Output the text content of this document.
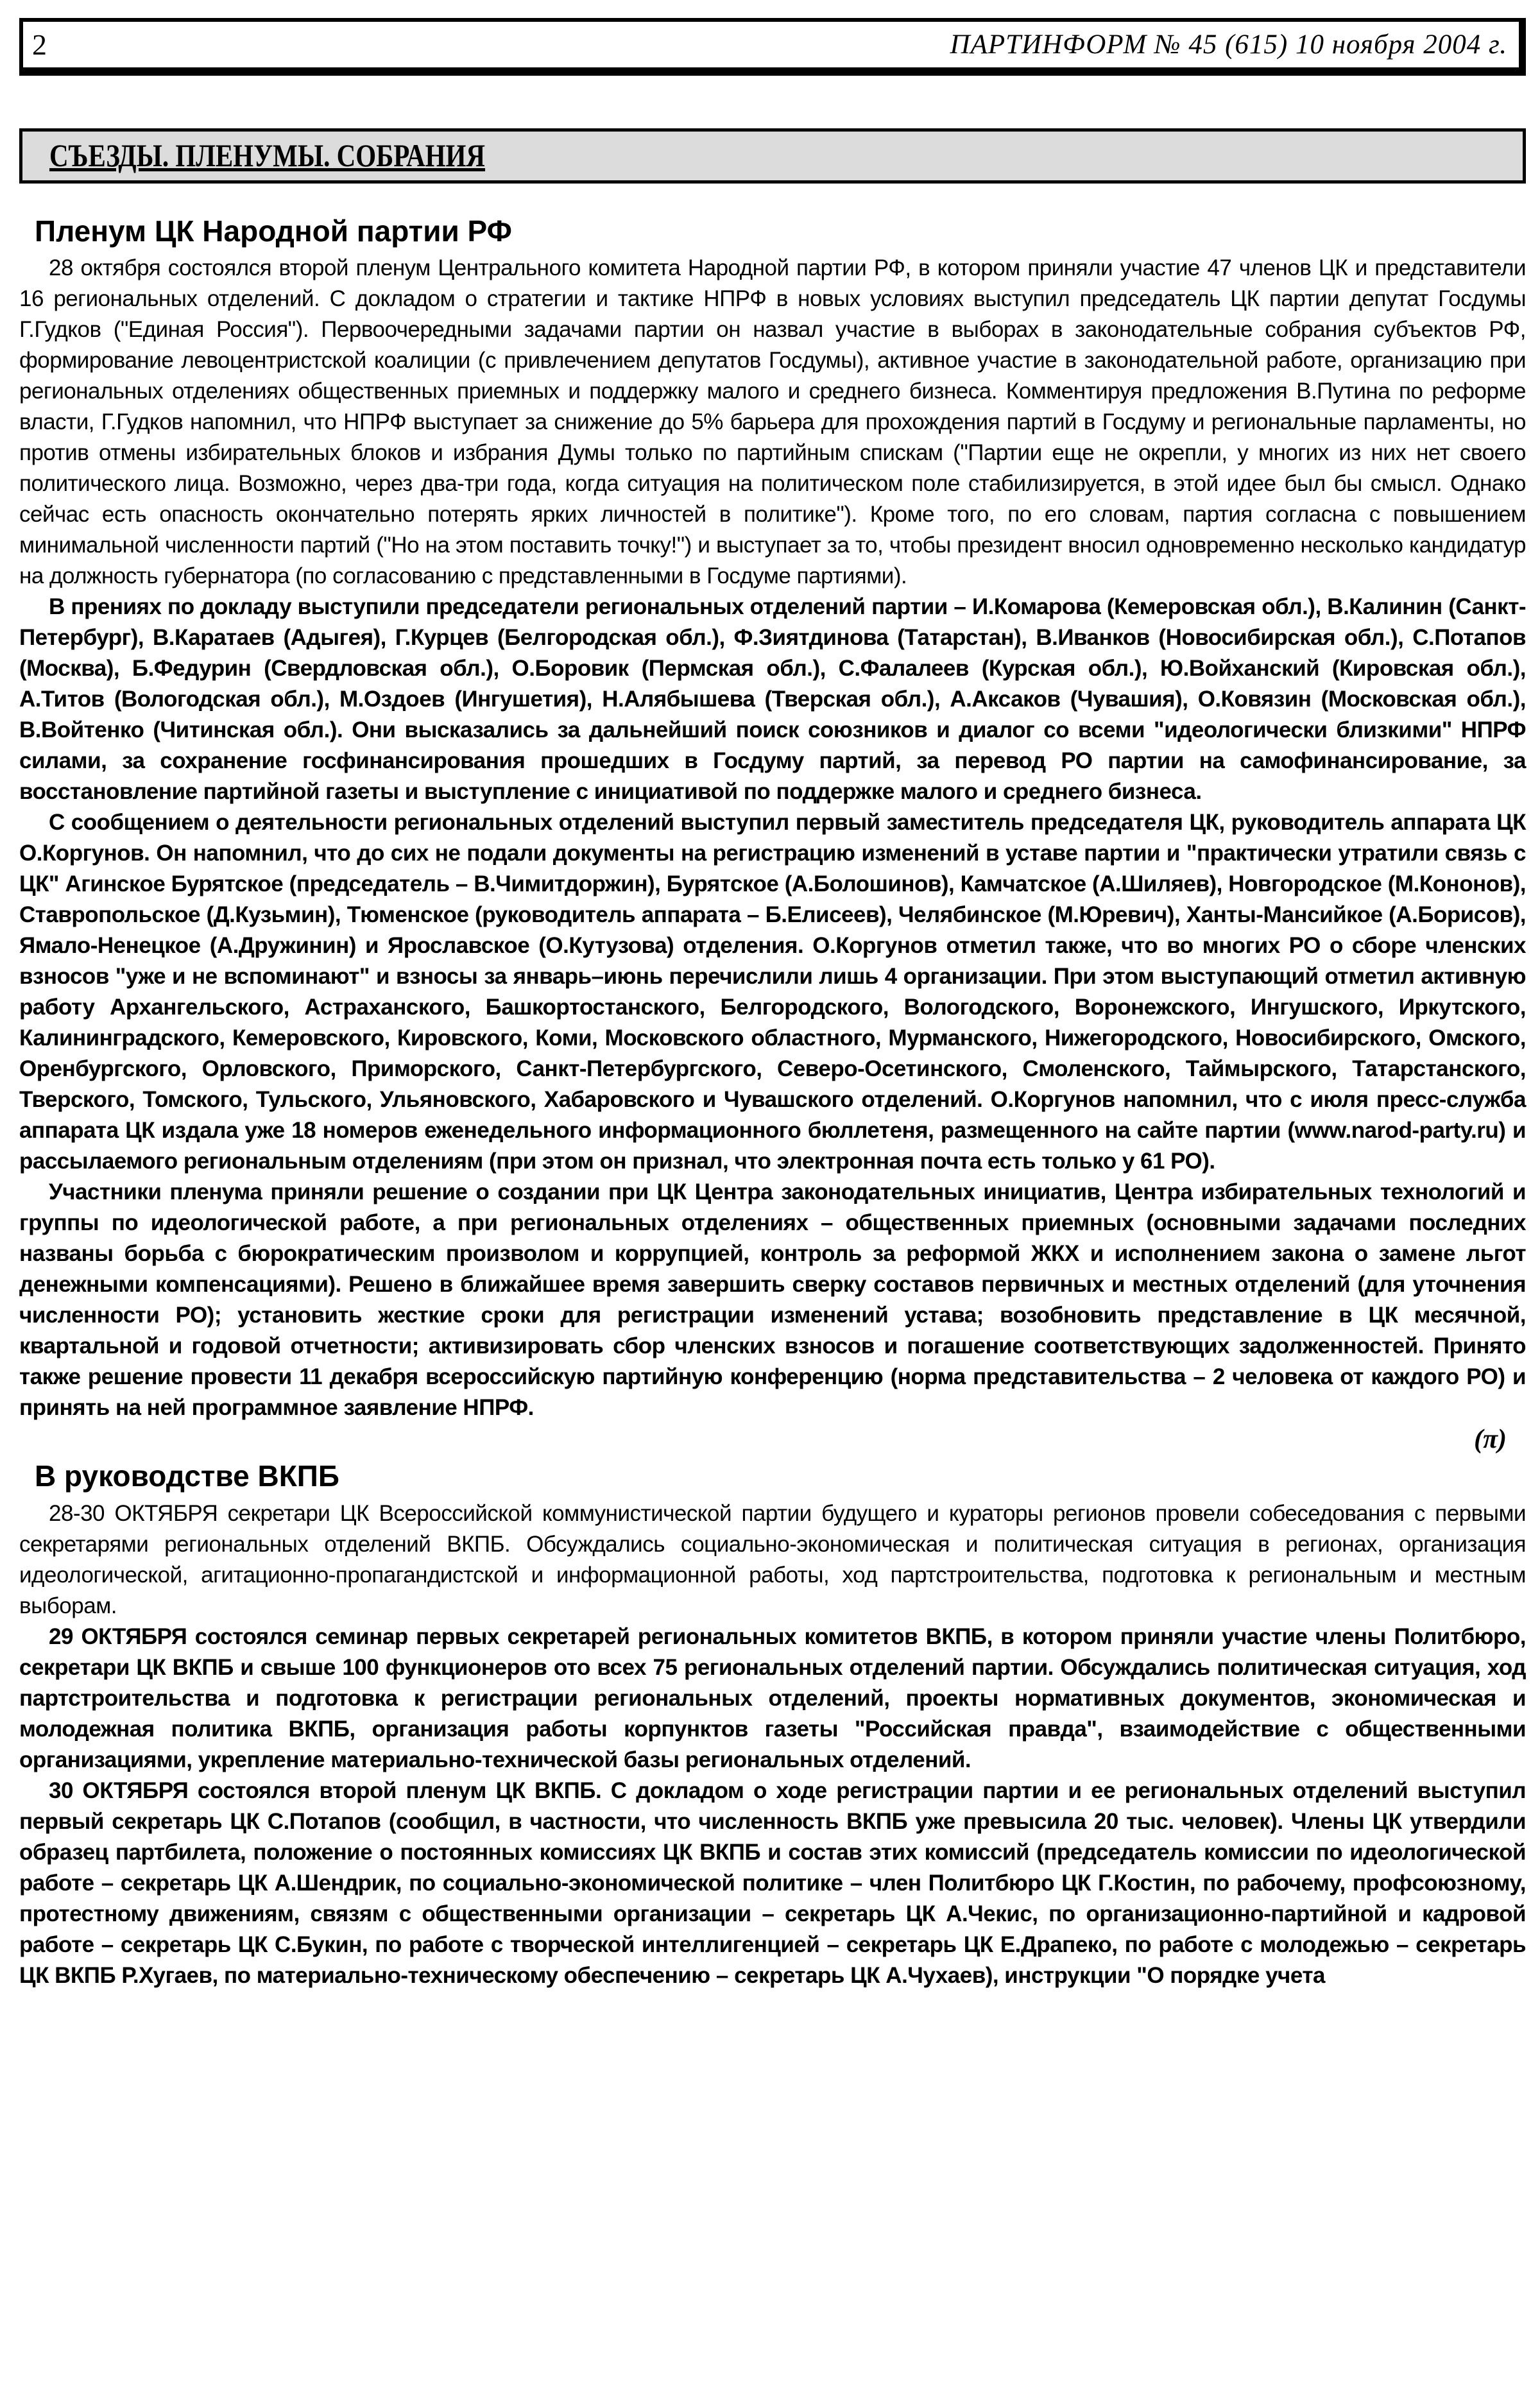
2	ПАРТИНФОРМ № 45 (615) 10 ноября 2004 г.
СЪЕЗДЫ. ПЛЕНУМЫ. СОБРАНИЯ
Пленум ЦК Народной партии РФ

28 октября состоялся второй пленум Центрального комитета Народной партии РФ, в котором приняли участие 47 членов ЦК и представители 16 региональных отделений. С докладом о стратегии и тактике НПРФ в новых условиях выступил председатель ЦК партии депутат Госдумы Г.Гудков ("Единая Россия"). Первоочередными задачами партии он назвал участие в выборах в законодательные собрания субъектов РФ, формирование левоцентристской коалиции (с привлечением депутатов Госдумы), активное участие в законодательной работе, организацию при региональных отделениях общественных приемных и поддержку малого и среднего бизнеса. Комментируя предложения В.Путина по реформе власти, Г.Гудков напомнил, что НПРФ выступает за снижение до 5% барьера для прохождения партий в Госдуму и региональные парламенты, но против отмены избирательных блоков и избрания Думы только по партийным спискам ("Партии еще не окрепли, у многих из них нет своего политического лица. Возможно, через два-три года, когда ситуация на политическом поле стабилизируется, в этой идее был бы смысл. Однако сейчас есть опасность окончательно потерять ярких личностей в политике"). Кроме того, по его словам, партия согласна с повышением минимальной численности партий ("Но на этом поставить точку!") и выступает за то, чтобы президент вносил одновременно несколько кандидатур на должность губернатора (по согласованию с представленными в Госдуме партиями).

В прениях по докладу выступили председатели региональных отделений партии – И.Комарова (Кемеровская обл.), В.Калинин (Санкт-Петербург), В.Каратаев (Адыгея), Г.Курцев (Белгородская обл.), Ф.Зиятдинова (Татарстан), В.Иванков (Новосибирская обл.), С.Потапов (Москва), Б.Федурин (Свердловская обл.), О.Боровик (Пермская обл.), С.Фалалеев (Курская обл.), Ю.Войханский (Кировская обл.), А.Титов (Вологодская обл.), М.Оздоев (Ингушетия), Н.Алябышева (Тверская обл.), А.Аксаков (Чувашия), О.Ковязин (Московская обл.), В.Войтенко (Читинская обл.). Они высказались за дальнейший поиск союзников и диалог со всеми "идеологически близкими" НПРФ силами, за сохранение госфинансирования прошедших в Госдуму партий, за перевод РО партии на самофинансирование, за восстановление партийной газеты и выступление с инициативой по поддержке малого и среднего бизнеса.

С сообщением о деятельности региональных отделений выступил первый заместитель председателя ЦК, руководитель аппарата ЦК О.Коргунов. Он напомнил, что до сих не подали документы на регистрацию изменений в уставе партии и "практически утратили связь с ЦК" Агинское Бурятское (председатель – В.Чимитдоржин), Бурятское (А.Болошинов), Камчатское (А.Шиляев), Новгородское (М.Кононов), Ставропольское (Д.Кузьмин), Тюменское (руководитель аппарата – Б.Елисеев), Челябинское (М.Юревич), Ханты-Мансийкое (А.Борисов), Ямало-Ненецкое (А.Дружинин) и Ярославское (О.Кутузова) отделения. О.Коргунов отметил также, что во многих РО о сборе членских взносов "уже и не вспоминают" и взносы за январь–июнь перечислили лишь 4 организации. При этом выступающий отметил активную работу Архангельского, Астраханского, Башкортостанского, Белгородского, Вологодского, Воронежского, Ингушского, Иркутского, Калининградского, Кемеровского, Кировского, Коми, Московского областного, Мурманского, Нижегородского, Новосибирского, Омского, Оренбургского, Орловского, Приморского, Санкт-Петербургского, Северо-Осетинского, Смоленского, Таймырского, Татарстанского, Тверского, Томского, Тульского, Ульяновского, Хабаровского и Чувашского отделений. О.Коргунов напомнил, что с июля пресс-служба аппарата ЦК издала уже 18 номеров еженедельного информационного бюллетеня, размещенного на сайте партии (www.narod-party.ru) и рассылаемого региональным отделениям (при этом он признал, что электронная почта есть только у 61 РО).

Участники пленума приняли решение о создании при ЦК Центра законодательных инициатив, Центра избирательных технологий и группы по идеологической работе, а при региональных отделениях – общественных приемных (основными задачами последних названы борьба с бюрократическим произволом и коррупцией, контроль за реформой ЖКХ и исполнением закона о замене льгот денежными компенсациями). Решено в ближайшее время завершить сверку составов первичных и местных отделений (для уточнения численности РО); установить жесткие сроки для регистрации изменений устава; возобновить представление в ЦК месячной, квартальной и годовой отчетности; активизировать сбор членских взносов и погашение соответствующих задолженностей. Принято также решение провести 11 декабря всероссийскую партийную конференцию (норма представительства – 2 человека от каждого РО) и принять на ней программное заявление НПРФ.

(π)
В руководстве ВКПБ

28-30 ОКТЯБРЯ секретари ЦК Всероссийской коммунистической партии будущего и кураторы регионов провели собеседования с первыми секретарями региональных отделений ВКПБ. Обсуждались социально-экономическая и политическая ситуация в регионах, организация идеологической, агитационно-пропагандистской и информационной работы, ход партстроительства, подготовка к региональным и местным выборам.

29 ОКТЯБРЯ состоялся семинар первых секретарей региональных комитетов ВКПБ, в котором приняли участие члены Политбюро, секретари ЦК ВКПБ и свыше 100 функционеров ото всех 75 региональных отделений партии. Обсуждались политическая ситуация, ход партстроительства и подготовка к регистрации региональных отделений, проекты нормативных документов, экономическая и молодежная политика ВКПБ, организация работы корпунктов газеты "Российская правда", взаимодействие с общественными организациями, укрепление материально-технической базы региональных отделений.

30 ОКТЯБРЯ состоялся второй пленум ЦК ВКПБ. С докладом о ходе регистрации партии и ее региональных отделений выступил первый секретарь ЦК С.Потапов (сообщил, в частности, что численность ВКПБ уже превысила 20 тыс. человек). Члены ЦК утвердили образец партбилета, положение о постоянных комиссиях ЦК ВКПБ и состав этих комиссий (председатель комиссии по идеологической работе – секретарь ЦК А.Шендрик, по социально-экономической политике – член Политбюро ЦК Г.Костин, по рабочему, профсоюзному, протестному движениям, связям с общественными организации – секретарь ЦК А.Чекис, по организационно-партийной и кадровой работе – секретарь ЦК С.Букин, по работе с творческой интеллигенцией – секретарь ЦК Е.Драпеко, по работе с молодежью – секретарь ЦК ВКПБ Р.Хугаев, по материально-техническому обеспечению – секретарь ЦК А.Чухаев), инструкции "О порядке учета
